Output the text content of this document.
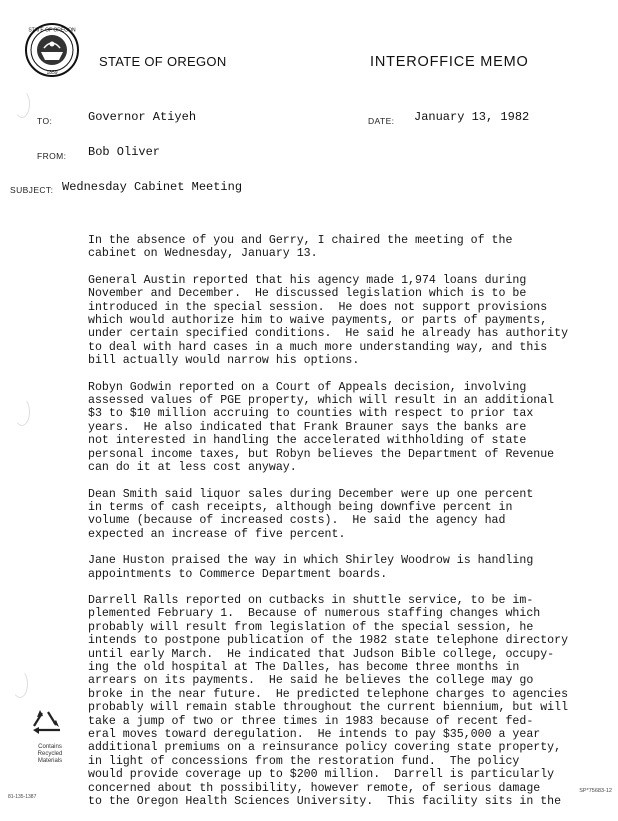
STATE OF OREGON
1859
STATE OF OREGON	INTEROFFICE MEMO
TO:	Governor Atiyeh	DATE: January 13, 1982
FROM: Bob Oliver
SUBJECT: Wednesday Cabinet Meeting

In the absence of you and Gerry, I chaired the meeting of the
cabinet on Wednesday, January 13.

General Austin reported that his agency made 1,974 loans during
November and December.  He discussed legislation which is to be
introduced in the special session.  He does not support provisions
which would authorize him to waive payments, or parts of payments,
under certain specified conditions.  He said he already has authority
to deal with hard cases in a much more understanding way, and this
bill actually would narrow his options.

Robyn Godwin reported on a Court of Appeals decision, involving
assessed values of PGE property, which will result in an additional
$3 to $10 million accruing to counties with respect to prior tax
years.  He also indicated that Frank Brauner says the banks are
not interested in handling the accelerated withholding of state
personal income taxes, but Robyn believes the Department of Revenue
can do it at less cost anyway.

Dean Smith said liquor sales during December were up one percent
in terms of cash receipts, although being downfive percent in
volume (because of increased costs).  He said the agency had
expected an increase of five percent.

Jane Huston praised the way in which Shirley Woodrow is handling
appointments to Commerce Department boards.

Darrell Ralls reported on cutbacks in shuttle service, to be im-
plemented February 1.  Because of numerous staffing changes which
probably will result from legislation of the special session, he
intends to postpone publication of the 1982 state telephone directory
until early March.  He indicated that Judson Bible college, occupy-
ing the old hospital at The Dalles, has become three months in
arrears on its payments.  He said he believes the college may go
broke in the near future.  He predicted telephone charges to agencies
probably will remain stable throughout the current biennium, but will
take a jump of two or three times in 1983 because of recent fed-
eral moves toward deregulation.  He intends to pay $35,000 a year
additional premiums on a reinsurance policy covering state property,
in light of concessions from the restoration fund.  The policy
would provide coverage up to $200 million.  Darrell is particularly
concerned about th possibility, however remote, of serious damage
to the Oregon Health Sciences University.  This facility sits in the

Contains
Recycled
Materials
81-135-1387
SP*75683-12
